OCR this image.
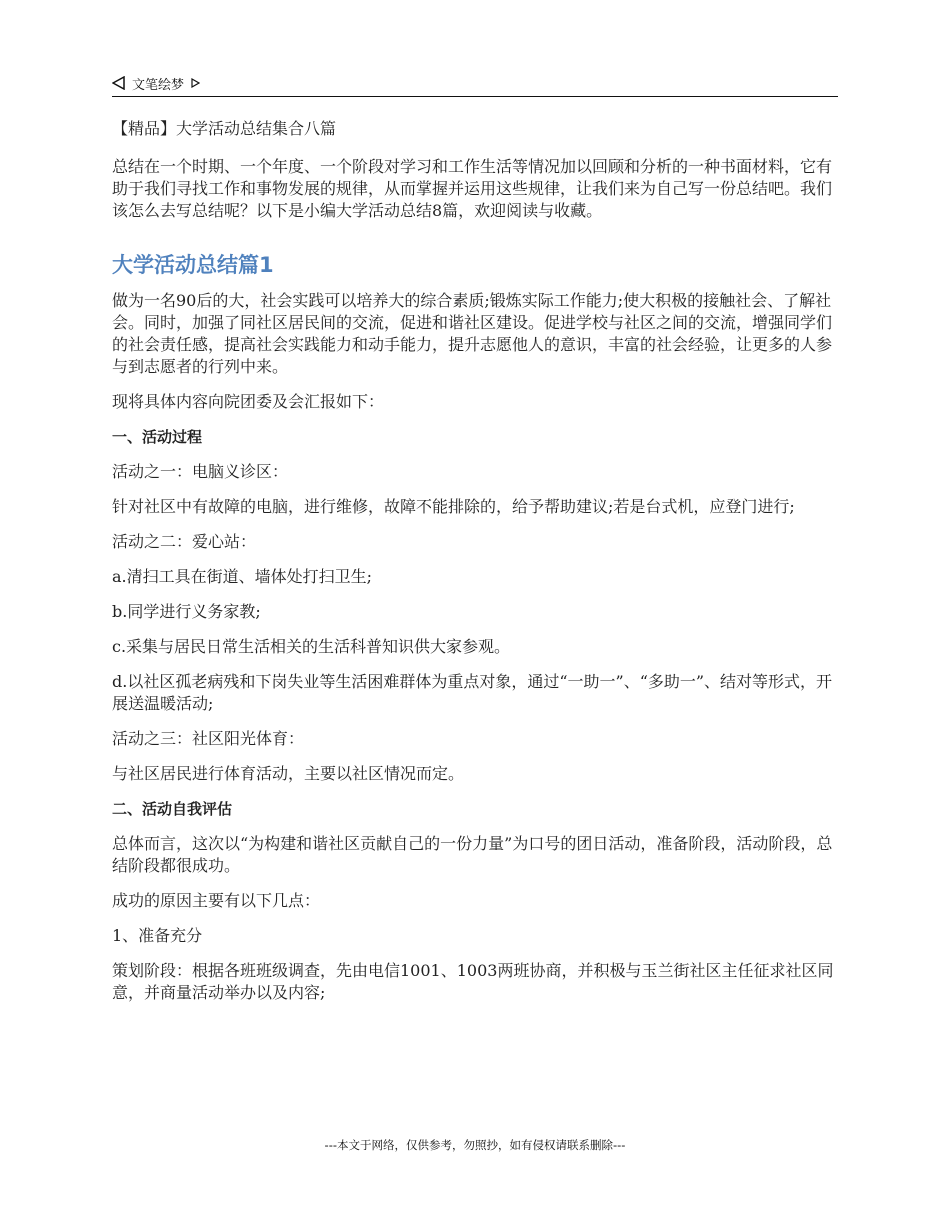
文笔绘梦

【精品】大学活动总结集合八篇

总结在一个时期、一个年度、一个阶段对学习和工作生活等情况加以回顾和分析的一种书面材料，它有助于我们寻找工作和事物发展的规律，从而掌握并运用这些规律，让我们来为自己写一份总结吧。我们该怎么去写总结呢？以下是小编大学活动总结8篇，欢迎阅读与收藏。

大学活动总结篇1

做为一名90后的大，社会实践可以培养大的综合素质;锻炼实际工作能力;使大积极的接触社会、了解社会。同时，加强了同社区居民间的交流，促进和谐社区建设。促进学校与社区之间的交流，增强同学们的社会责任感，提高社会实践能力和动手能力，提升志愿他人的意识，丰富的社会经验，让更多的人参与到志愿者的行列中来。

现将具体内容向院团委及会汇报如下：

一、活动过程

活动之一：电脑义诊区：

针对社区中有故障的电脑，进行维修，故障不能排除的，给予帮助建议;若是台式机，应登门进行;

活动之二：爱心站：

a.清扫工具在街道、墙体处打扫卫生;

b.同学进行义务家教;

c.采集与居民日常生活相关的生活科普知识供大家参观。

d.以社区孤老病残和下岗失业等生活困难群体为重点对象，通过“一助一”、“多助一”、结对等形式，开展送温暖活动;

活动之三：社区阳光体育：

与社区居民进行体育活动，主要以社区情况而定。

二、活动自我评估

总体而言，这次以“为构建和谐社区贡献自己的一份力量”为口号的团日活动，准备阶段，活动阶段，总结阶段都很成功。

成功的原因主要有以下几点：

1、准备充分

策划阶段：根据各班班级调查，先由电信1001、1003两班协商，并积极与玉兰街社区主任征求社区同意，并商量活动举办以及内容;

---本文于网络，仅供参考，勿照抄，如有侵权请联系删除---
